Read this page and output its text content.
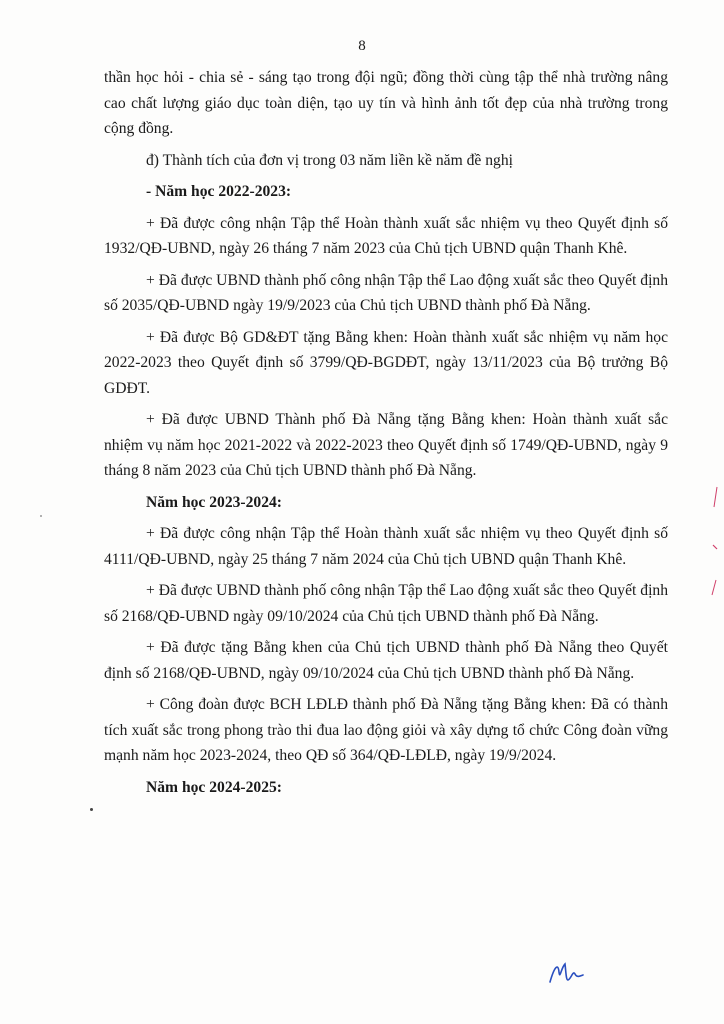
8

thần học hỏi - chia sẻ - sáng tạo trong đội ngũ; đồng thời cùng tập thể nhà trường nâng cao chất lượng giáo dục toàn diện, tạo uy tín và hình ảnh tốt đẹp của nhà trường trong cộng đồng.

đ) Thành tích của đơn vị trong 03 năm liền kề năm đề nghị

- Năm học 2022-2023:

+ Đã được công nhận Tập thể Hoàn thành xuất sắc nhiệm vụ theo Quyết định số 1932/QĐ-UBND, ngày 26 tháng 7 năm 2023 của Chủ tịch UBND quận Thanh Khê.

+ Đã được UBND thành phố công nhận Tập thể Lao động xuất sắc theo Quyết định số 2035/QĐ-UBND ngày 19/9/2023 của Chủ tịch UBND thành phố Đà Nẵng.

+ Đã được Bộ GD&ĐT tặng Bằng khen: Hoàn thành xuất sắc nhiệm vụ năm học 2022-2023 theo Quyết định số 3799/QĐ-BGDĐT, ngày 13/11/2023 của Bộ trưởng Bộ GDĐT.

+ Đã được UBND Thành phố Đà Nẵng tặng Bằng khen: Hoàn thành xuất sắc nhiệm vụ năm học 2021-2022 và 2022-2023 theo Quyết định số 1749/QĐ-UBND, ngày 9 tháng 8 năm 2023 của Chủ tịch UBND thành phố Đà Nẵng.

Năm học 2023-2024:

+ Đã được công nhận Tập thể Hoàn thành xuất sắc nhiệm vụ theo Quyết định số 4111/QĐ-UBND, ngày 25 tháng 7 năm 2024 của Chủ tịch UBND quận Thanh Khê.

+ Đã được UBND thành phố công nhận Tập thể Lao động xuất sắc theo Quyết định số 2168/QĐ-UBND ngày 09/10/2024 của Chủ tịch UBND thành phố Đà Nẵng.

+ Đã được tặng Bằng khen của Chủ tịch UBND thành phố Đà Nẵng theo Quyết định số 2168/QĐ-UBND, ngày 09/10/2024 của Chủ tịch UBND thành phố Đà Nẵng.

+ Công đoàn được BCH LĐLĐ thành phố Đà Nẵng tặng Bằng khen: Đã có thành tích xuất sắc trong phong trào thi đua lao động giỏi và xây dựng tổ chức Công đoàn vững mạnh năm học 2023-2024, theo QĐ số 364/QĐ-LĐLĐ, ngày 19/9/2024.

Năm học 2024-2025:
